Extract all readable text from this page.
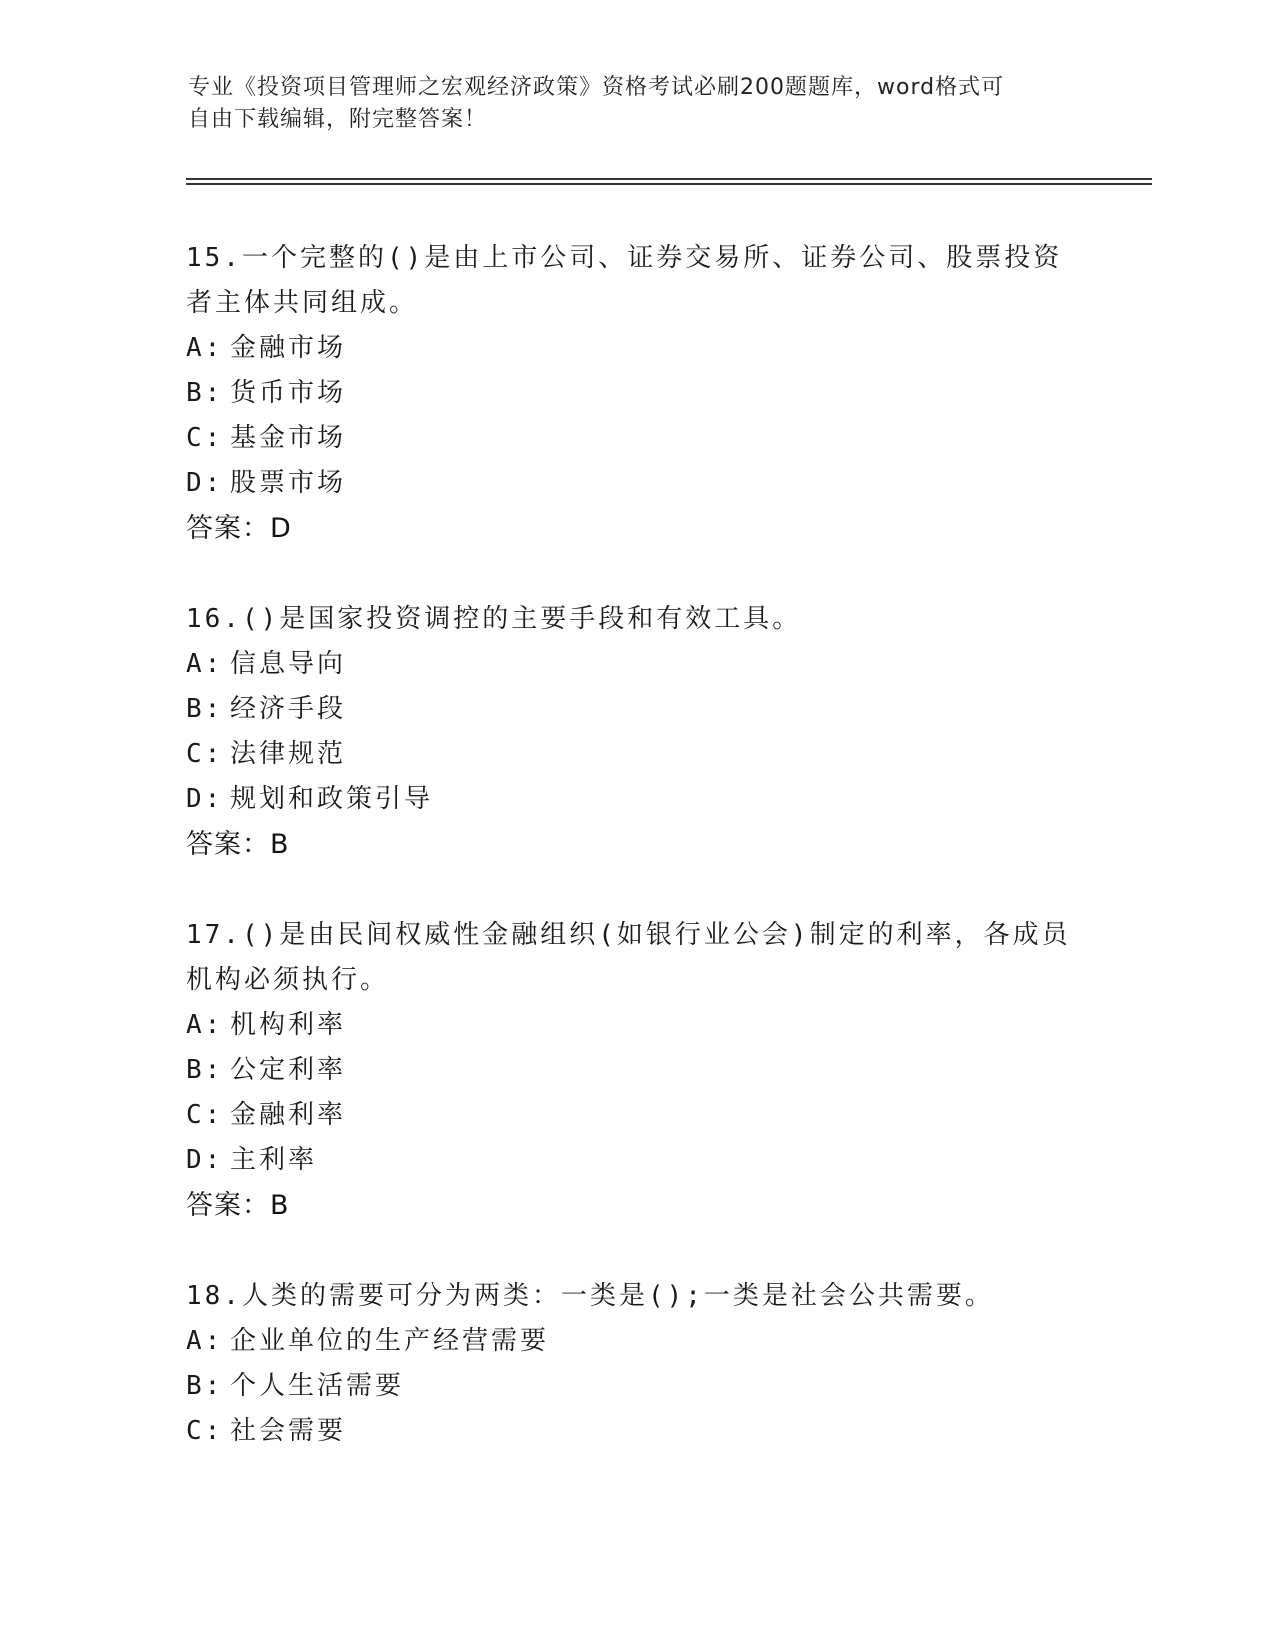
专业《投资项目管理师之宏观经济政策》资格考试必刷200题题库，word格式可
自由下载编辑，附完整答案！

15.一个完整的()是由上市公司、证券交易所、证券公司、股票投资者主体共同组成。

A: 金融市场

B: 货币市场

C: 基金市场

D: 股票市场

答案：D

16.()是国家投资调控的主要手段和有效工具。

A: 信息导向

B: 经济手段

C: 法律规范

D: 规划和政策引导

答案：B

17.()是由民间权威性金融组织(如银行业公会)制定的利率，各成员机构必须执行。

A: 机构利率

B: 公定利率

C: 金融利率

D: 主利率

答案：B

18.人类的需要可分为两类：一类是();一类是社会公共需要。

A: 企业单位的生产经营需要

B: 个人生活需要

C: 社会需要
